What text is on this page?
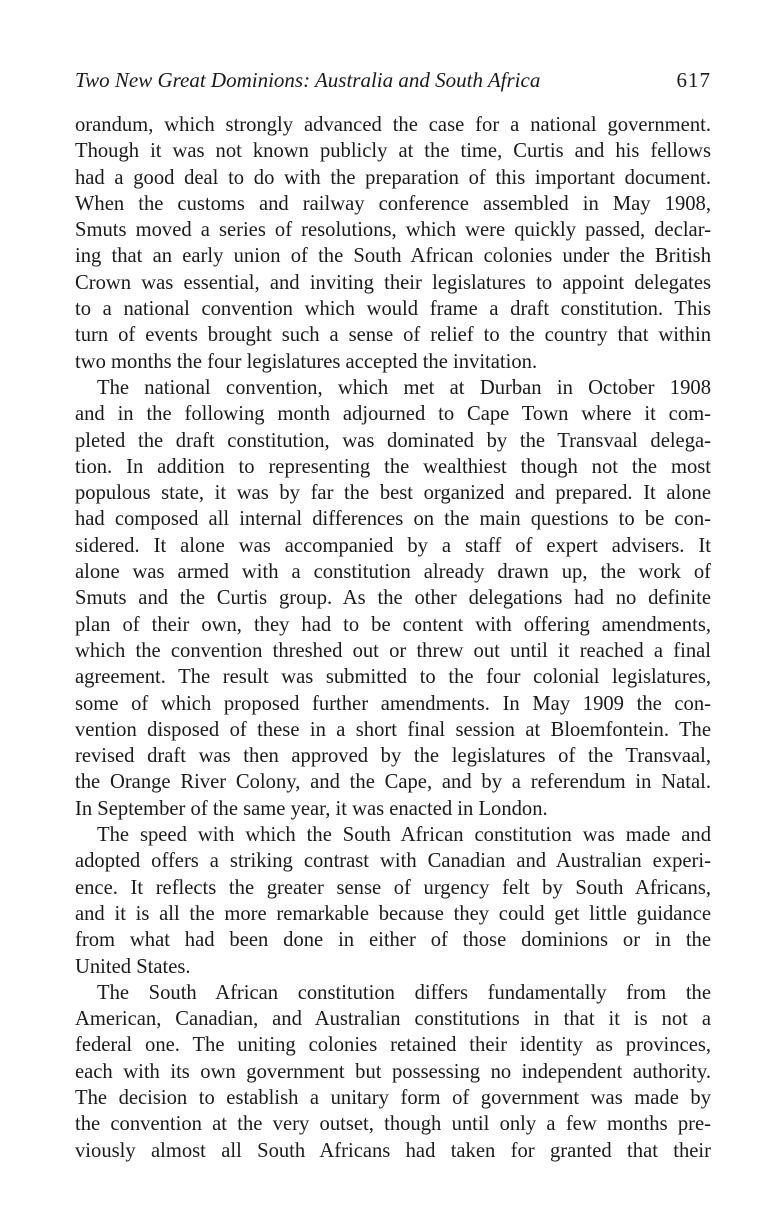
Two New Great Dominions: Australia and South Africa	617
orandum, which strongly advanced the case for a national government.
Though it was not known publicly at the time, Curtis and his fellows
had a good deal to do with the preparation of this important document.
When the customs and railway conference assembled in May 1908,
Smuts moved a series of resolutions, which were quickly passed, declar-
ing that an early union of the South African colonies under the British
Crown was essential, and inviting their legislatures to appoint delegates
to a national convention which would frame a draft constitution. This
turn of events brought such a sense of relief to the country that within
two months the four legislatures accepted the invitation.
The national convention, which met at Durban in October 1908
and in the following month adjourned to Cape Town where it com-
pleted the draft constitution, was dominated by the Transvaal delega-
tion. In addition to representing the wealthiest though not the most
populous state, it was by far the best organized and prepared. It alone
had composed all internal differences on the main questions to be con-
sidered. It alone was accompanied by a staff of expert advisers. It
alone was armed with a constitution already drawn up, the work of
Smuts and the Curtis group. As the other delegations had no definite
plan of their own, they had to be content with offering amendments,
which the convention threshed out or threw out until it reached a final
agreement. The result was submitted to the four colonial legislatures,
some of which proposed further amendments. In May 1909 the con-
vention disposed of these in a short final session at Bloemfontein. The
revised draft was then approved by the legislatures of the Transvaal,
the Orange River Colony, and the Cape, and by a referendum in Natal.
In September of the same year, it was enacted in London.
The speed with which the South African constitution was made and
adopted offers a striking contrast with Canadian and Australian experi-
ence. It reflects the greater sense of urgency felt by South Africans,
and it is all the more remarkable because they could get little guidance
from what had been done in either of those dominions or in the
United States.
The South African constitution differs fundamentally from the
American, Canadian, and Australian constitutions in that it is not a
federal one. The uniting colonies retained their identity as provinces,
each with its own government but possessing no independent authority.
The decision to establish a unitary form of government was made by
the convention at the very outset, though until only a few months pre-
viously almost all South Africans had taken for granted that their
